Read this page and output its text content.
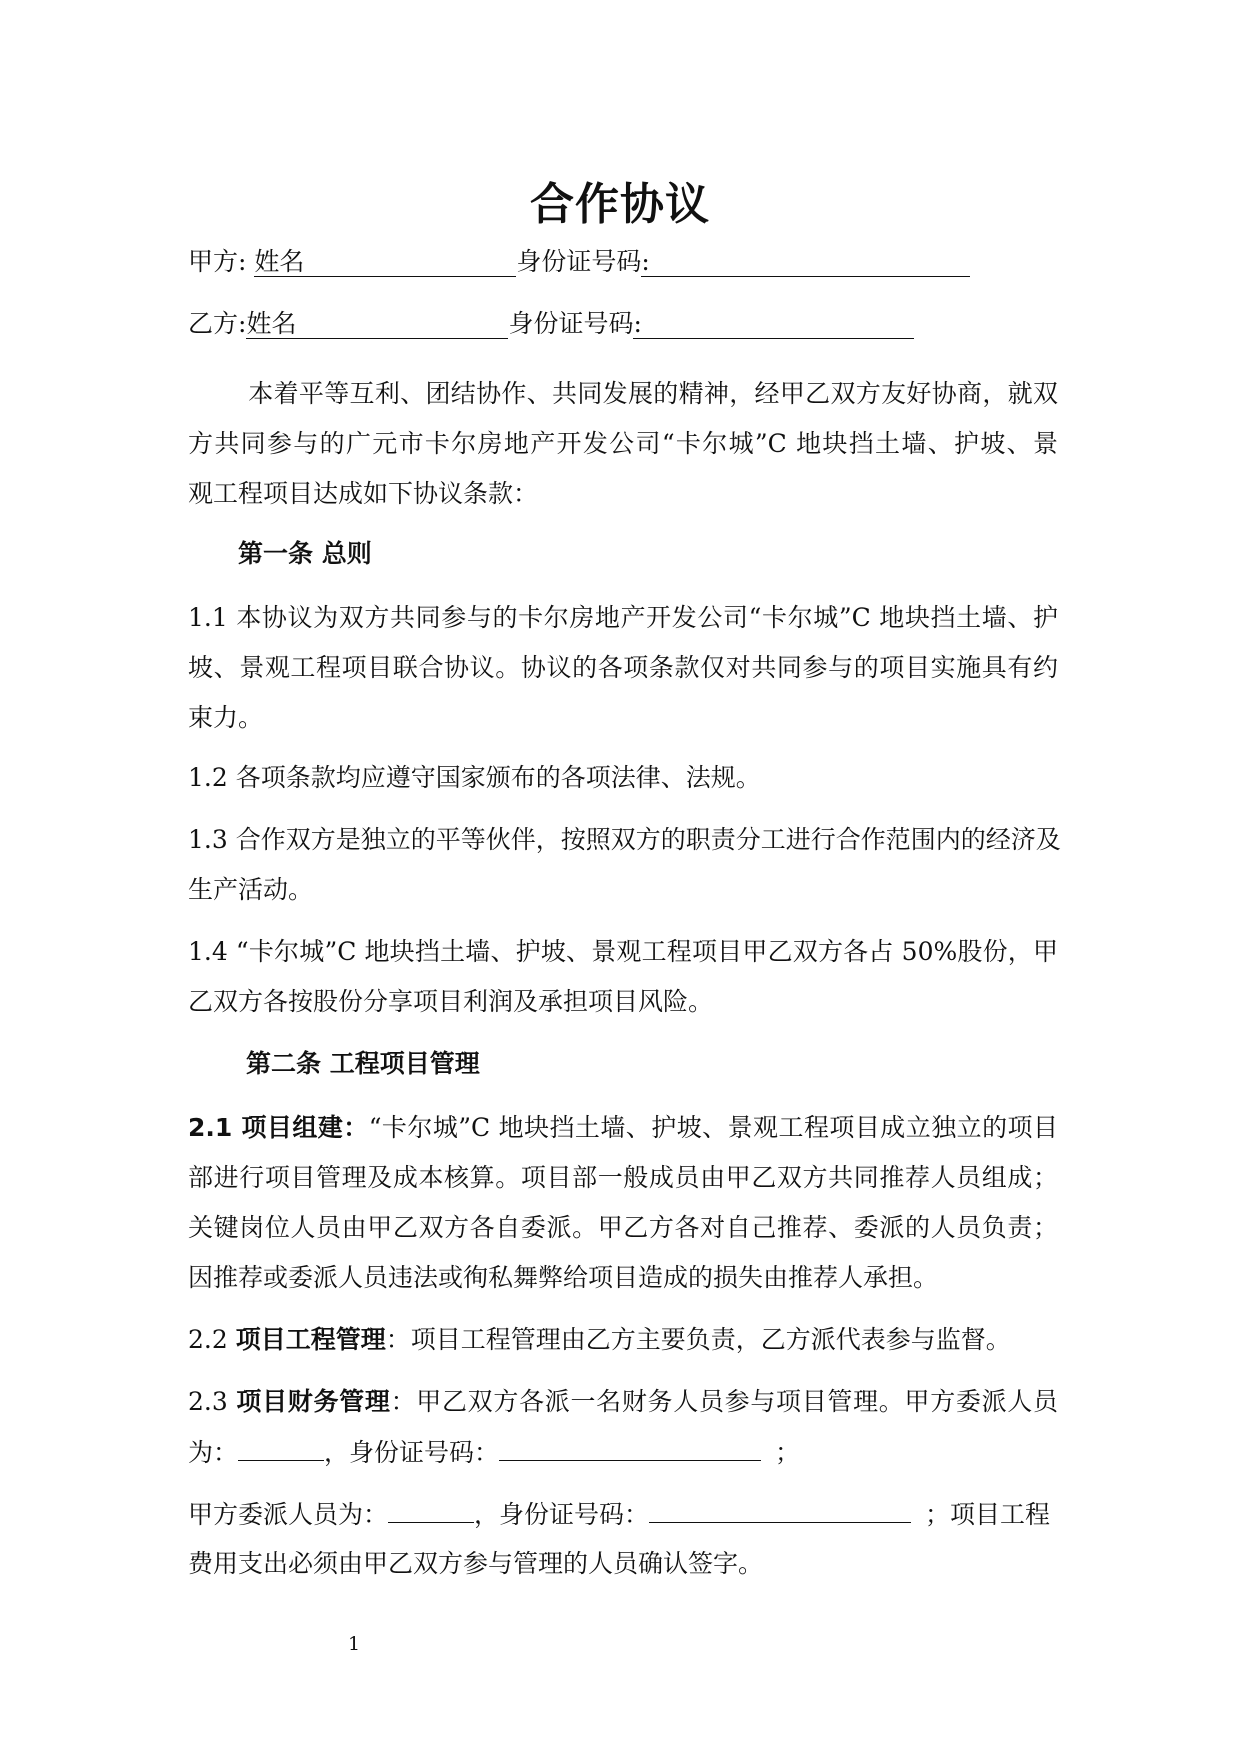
合作协议
甲方: 姓名	身份证号码:
乙方:姓名	身份证号码:
本着平等互利、团结协作、共同发展的精神，经甲乙双方友好协商，就双
方共同参与的广元市卡尔房地产开发公司“卡尔城”C 地块挡土墙、护坡、景
观工程项目达成如下协议条款：
第一条 总则
1.1 本协议为双方共同参与的卡尔房地产开发公司“卡尔城”C 地块挡土墙、护
坡、景观工程项目联合协议。协议的各项条款仅对共同参与的项目实施具有约
束力。
1.2 各项条款均应遵守国家颁布的各项法律、法规。
1.3 合作双方是独立的平等伙伴，按照双方的职责分工进行合作范围内的经济及
生产活动。
1.4 “卡尔城”C 地块挡土墙、护坡、景观工程项目甲乙双方各占 50%股份，甲
乙双方各按股份分享项目利润及承担项目风险。
第二条 工程项目管理
2.1 项目组建：“卡尔城”C 地块挡土墙、护坡、景观工程项目成立独立的项目
部进行项目管理及成本核算。项目部一般成员由甲乙双方共同推荐人员组成；
关键岗位人员由甲乙双方各自委派。甲乙方各对自己推荐、委派的人员负责；
因推荐或委派人员违法或徇私舞弊给项目造成的损失由推荐人承担。
2.2 项目工程管理：项目工程管理由乙方主要负责，乙方派代表参与监督。
2.3 项目财务管理：甲乙双方各派一名财务人员参与项目管理。甲方委派人员
为：	，身份证号码：	；
甲方委派人员为：	，身份证号码：	；项目工程
费用支出必须由甲乙双方参与管理的人员确认签字。
1
